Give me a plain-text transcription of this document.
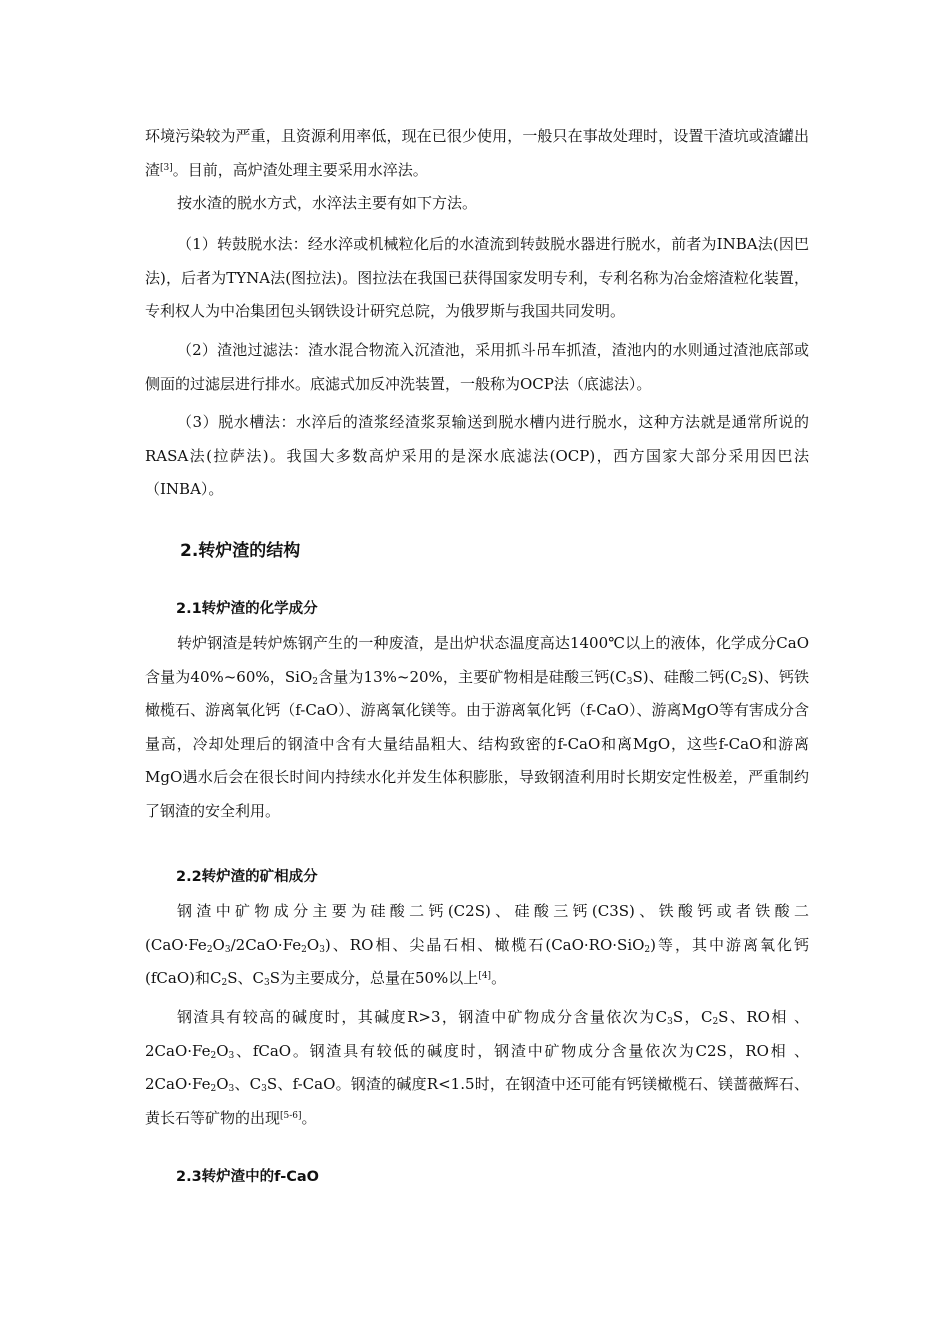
环境污染较为严重，且资源利用率低，现在已很少使用，一般只在事故处理时，设置干渣坑或渣罐出渣[3]。目前，高炉渣处理主要采用水淬法。

按水渣的脱水方式，水淬法主要有如下方法。

（1）转鼓脱水法：经水淬或机械粒化后的水渣流到转鼓脱水器进行脱水，前者为INBA法(因巴法)，后者为TYNA法(图拉法)。图拉法在我国已获得国家发明专利，专利名称为冶金熔渣粒化装置，专利权人为中冶集团包头钢铁设计研究总院，为俄罗斯与我国共同发明。

（2）渣池过滤法：渣水混合物流入沉渣池，采用抓斗吊车抓渣，渣池内的水则通过渣池底部或侧面的过滤层进行排水。底滤式加反冲洗装置，一般称为OCP法（底滤法）。

（3）脱水槽法：水淬后的渣浆经渣浆泵输送到脱水槽内进行脱水，这种方法就是通常所说的RASA法(拉萨法)。我国大多数高炉采用的是深水底滤法(OCP)，西方国家大部分采用因巴法（INBA）。

2.转炉渣的结构
2.1转炉渣的化学成分

转炉钢渣是转炉炼钢产生的一种废渣，是出炉状态温度高达1400℃以上的液体，化学成分CaO含量为40%~60%，SiO$_2$含量为13%~20%，主要矿物相是硅酸三钙$(C_3S)$、硅酸二钙$(C_2S)$、钙铁橄榄石、游离氧化钙（f-CaO）、游离氧化镁等。由于游离氧化钙（f-CaO）、游离MgO等有害成分含量高，冷却处理后的钢渣中含有大量结晶粗大、结构致密的f-CaO和离MgO，这些f-CaO和游离MgO遇水后会在很长时间内持续水化并发生体积膨胀，导致钢渣利用时长期安定性极差，严重制约了钢渣的安全利用。

2.2转炉渣的矿相成分

钢渣中矿物成分主要为硅酸二钙(C2S)、硅酸三钙(C3S)、铁酸钙或者铁酸二$(CaO\cdot Fe_2O_3/2CaO\cdot Fe_2O_3)$、RO相、尖晶石相、橄榄石(CaO·RO·SiO$_2$)等，其中游离氧化钙(fCaO)和$C_2S$、$C_3S$为主要成分，总量在50%以上[4]。

钢渣具有较高的碱度时，其碱度R>3，钢渣中矿物成分含量依次为$C_3S$，$C_2S$、RO相 、$2CaO\cdot Fe_2O_3$、fCaO。钢渣具有较低的碱度时，钢渣中矿物成分含量依次为C2S，RO相 、$2CaO\cdot Fe_2O_3$、$C_3S$、f-CaO。钢渣的碱度R<1.5时，在钢渣中还可能有钙镁橄榄石、镁蔷薇辉石、黄长石等矿物的出现[5-6]。

2.3转炉渣中的f-CaO
